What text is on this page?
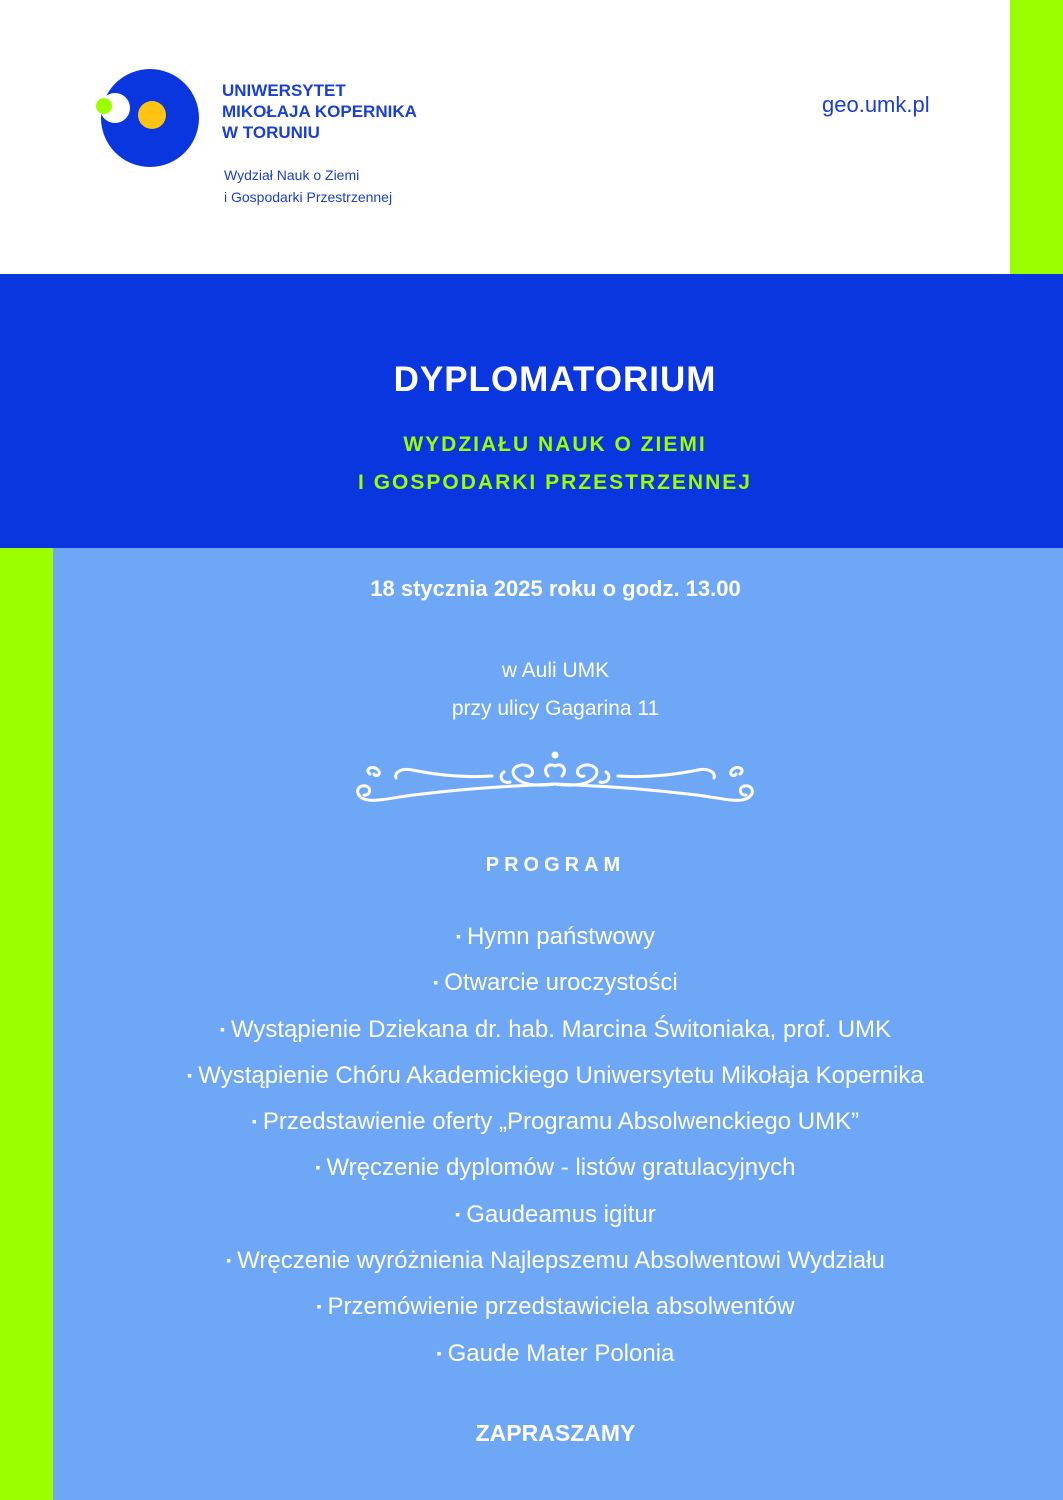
UNIWERSYTET
MIKOŁAJA KOPERNIKA
W TORUNIU
Wydział Nauk o Ziemi
i Gospodarki Przestrzennej
geo.umk.pl
DYPLOMATORIUM
WYDZIAŁU NAUK O ZIEMI
I GOSPODARKI PRZESTRZENNEJ
18 stycznia 2025 roku o godz. 13.00
w Auli UMK
przy ulicy Gagarina 11
PROGRAM
▪ Hymn państwowy
▪ Otwarcie uroczystości
▪ Wystąpienie Dziekana dr. hab. Marcina Świtoniaka, prof. UMK
▪ Wystąpienie Chóru Akademickiego Uniwersytetu Mikołaja Kopernika
▪ Przedstawienie oferty „Programu Absolwenckiego UMK”
▪ Wręczenie dyplomów - listów gratulacyjnych
▪ Gaudeamus igitur
▪ Wręczenie wyróżnienia Najlepszemu Absolwentowi Wydziału
▪ Przemówienie przedstawiciela absolwentów
▪ Gaude Mater Polonia
ZAPRASZAMY
